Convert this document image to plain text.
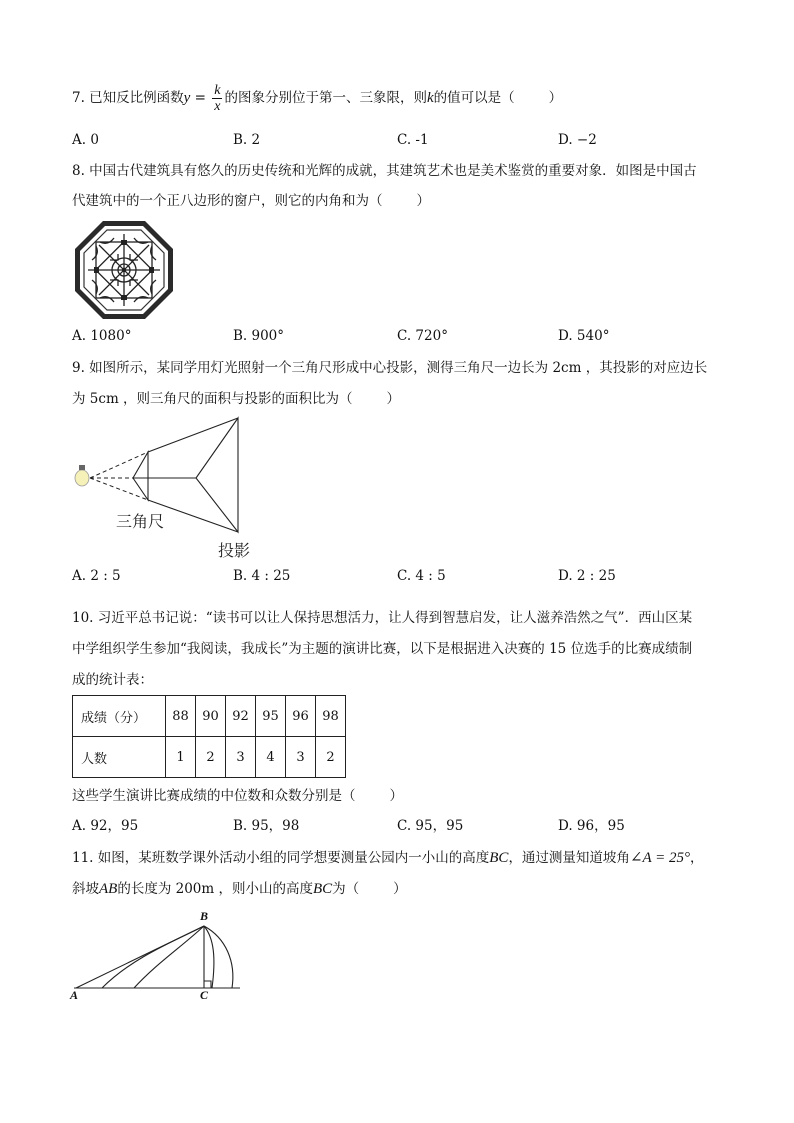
7. 已知反比例函数$y = \frac{k}{x}$ 的图象分别位于第一、三象限，则k的值可以是（	）
A. 0	B. 2	C. -1	D. −2
8. 中国古代建筑具有悠久的历史传统和光辉的成就，其建筑艺术也是美术鉴赏的重要对象．如图是中国古
代建筑中的一个正八边形的窗户，则它的内角和为（	）
A. 1080°	B. 900°	C. 720°	D. 540°
9. 如图所示，某同学用灯光照射一个三角尺形成中心投影，测得三角尺一边长为 2cm ，其投影的对应边长
为 5cm ，则三角尺的面积与投影的面积比为（	）
三角尺
投影
A. 2 : 5	B. 4 : 25	C. 4 : 5	D. 2 : 25
10. 习近平总书记说：“读书可以让人保持思想活力，让人得到智慧启发，让人滋养浩然之气”．西山区某
中学组织学生参加“我阅读，我成长”为主题的演讲比赛，以下是根据进入决赛的 15 位选手的比赛成绩制
成的统计表：
成绩（分）	88	90	92	95	96	98
人数	1	2	3	4	3	2
这些学生演讲比赛成绩的中位数和众数分别是（	）
A. 92，95	B. 95，98	C. 95，95	D. 96，95
11. 如图，某班数学课外活动小组的同学想要测量公园内一小山的高度BC，通过测量知道坡角∠A = 25°，
斜坡AB的长度为 200m ，则小山的高度BC为（	）
A
B
C
